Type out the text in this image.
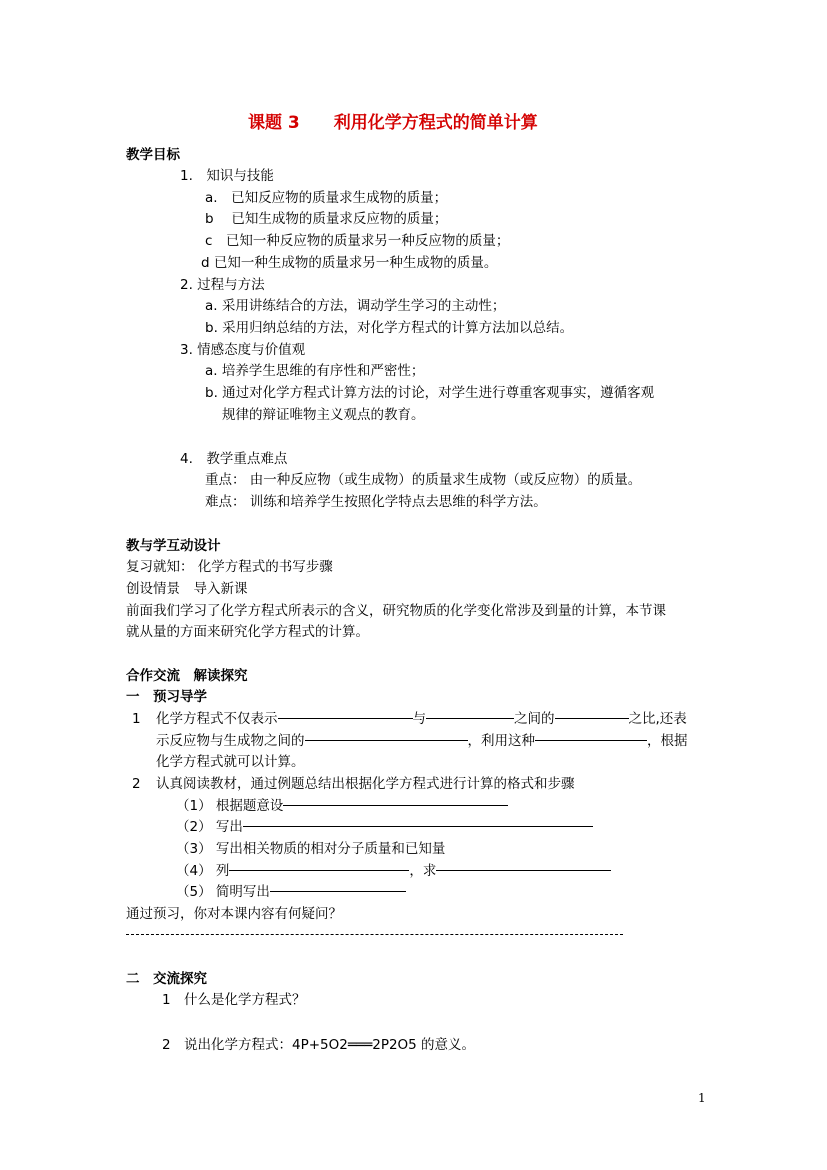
课题 3　　利用化学方程式的简单计算
教学目标
1.　知识与技能
a.　已知反应物的质量求生成物的质量；
b　 已知生成物的质量求反应物的质量；
c　已知一种反应物的质量求另一种反应物的质量；
d 已知一种生成物的质量求另一种生成物的质量。
2. 过程与方法
a. 采用讲练结合的方法，调动学生学习的主动性；
b. 采用归纳总结的方法，对化学方程式的计算方法加以总结。
3. 情感态度与价值观
a. 培养学生思维的有序性和严密性；
b. 通过对化学方程式计算方法的讨论，对学生进行尊重客观事实，遵循客观
规律的辩证唯物主义观点的教育。
4.　教学重点难点
重点： 由一种反应物（或生成物）的质量求生成物（或反应物）的质量。
难点： 训练和培养学生按照化学特点去思维的科学方法。
教与学互动设计
复习就知： 化学方程式的书写步骤
创设情景　导入新课
前面我们学习了化学方程式所表示的含义，研究物质的化学变化常涉及到量的计算，本节课
就从量的方面来研究化学方程式的计算。
合作交流　解读探究
一　预习导学
1 化学方程式不仅表示	与	之间的	之比,还表
示反应物与生成物之间的	，利用这种	，根据
化学方程式就可以计算。
2 认真阅读教材，通过例题总结出根据化学方程式进行计算的格式和步骤
（1） 根据题意设
（2） 写出
（3） 写出相关物质的相对分子质量和已知量
（4） 列	，求
（5） 简明写出
通过预习，你对本课内容有何疑问？
二　交流探究
1 什么是化学方程式？
2 说出化学方程式：4P+5O2═══2P2O5 的意义。
1
